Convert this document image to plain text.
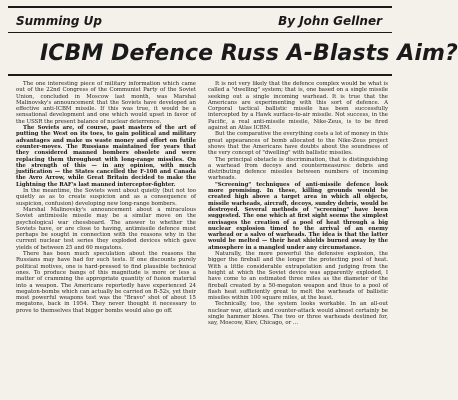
Summing Up	By John Gellner
ICBM Defence Russ A-Blasts Aim?

The one interesting piece of military information which came out of the 22nd Congress of the Communist Party of the Soviet Union, concluded in Moscow last month, was Marshal Malinovsky's announcement that the Soviets have developed an effective anti-ICBM missile. If this was true, it would be a sensational development and one which would upset in favor of the USSR the present balance of nuclear deterrence.

The Soviets are, of course, past masters of the art of putting the West on its toes, to gain political and military advantages and make us waste money and effort on futile counter-moves. The Russians maintained for years that they considered manned bombers obsolete and were replacing them throughout with long-range missiles. On the strength of this — in any opinion, with much justification — the States cancelled the F-108 and Canada the Avro Arrow, while Great Britain decided to make the Lightning the RAF's last manned interceptor-fighter.

In the meantime, the Soviets went about quietly (but not too quietly as as to create suspicion and as a consequence of suspicion, confusion) developing new long-range bombers.

Marshal Malinovsky's announcement about a miraculous Soviet antimissile missile may be a similar move on the psychological war chessboard. The answer to whether the Soviets have, or are close to having, antimissile defence must perhaps be sought in connection with the reasons why in the current nuclear test series they exploded devices which gave yields of between 25 and 60 megatons.

There has been much speculation about the reasons the Russians may have had for such tests. If one discounts purely political motives, one is hard-pressed to find plausible technical ones. To produce bangs of this magnitude is more or less a matter of cramming the appropriate quantity of fusion material into a weapon. The Americans reportedly have experienced 24 megaton-bombs which can actually be carried on B-52s, yet their most powerful weapons test was the "Bravo" shot of about 15 megatons, back in 1954. They never thought it necessary to prove to themselves that bigger bombs would also go off.

It is not very likely that the defence complex would be what is called a "dwelling" system; that is, one based on a single missile seeking out a single incoming warhead. It is true that the Americans are experimenting with this sort of defence. A Corporal tactical ballistic missile has been successfully intercepted by a Hawk surface-to-air missile. Not success, in the Pacific, a real anti-missile missile, Nike-Zeus, is to be fired against an Atlas ICBM.

But the comparative the everything costs a lot of money in this great appearances of bomb allocated to the Nike-Zeus project shows that the Americans have doubts about the soundness of the very concept of "dwelling" with ballistic missiles.

The principal obstacle is discrimination, that is distinguishing a warhead from decoys and countermeasures: debris and distributing defence missiles between numbers of incoming warheads.

"Screening" techniques of anti-missile defence look more promising. In these, killing grounds would be created high above a target area in which all objects, missile warheads, aircraft, decoys, sundry debris, would be destroyed. Several methods of "screening" have been suggested. The one which at first sight seems the simplest envisages the creation of a pool of heat through a big nuclear explosion timed to the arrival of an enemy warhead or a salvo of warheads. The idea is that the latter would be melted — their heat shields burned away by the atmosphere in a mangled under any circumstance.

Naturally, the more powerful the defensive explosion, the bigger the fireball and the longer the protecting pool of heat. With a little considerable extrapolation and judging from the height at which the Soviet device was apparently exploded, I have come to an estimated three miles as the diameter of the fireball created by a 50-megaton weapon and thus to a pool of flash heat sufficiently great to melt the warheads of ballistic missiles within 100 square miles, at the least.

Technically, too, the system looks workable. In an all-out nuclear war, attack and counter-attack would almost certainly be single hammer blows. The two or three warheads destined for, say, Moscow, Kiev, Chicago, or ...
